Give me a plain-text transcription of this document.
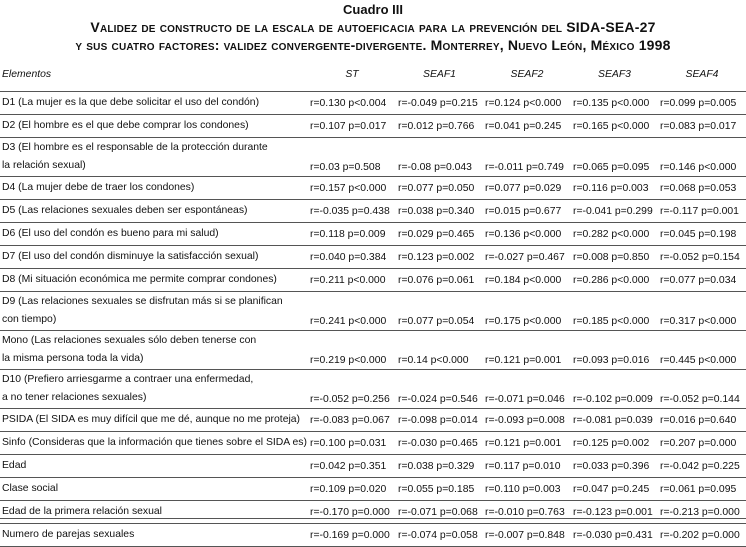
Cuadro III
Validez de constructo de la escala de autoeficacia para la prevención del SIDA-SEA-27
y sus cuatro factores: validez convergente-divergente. Monterrey, Nuevo León, México 1998
Elementos	ST	SEAF1	SEAF2	SEAF3	SEAF4

D1 (La mujer es la que debe solicitar el uso del condón)	r=0.130 p<0.004	r=-0.049 p=0.215	r=0.124 p<0.000	r=0.135 p<0.000	r=0.099 p=0.005

D2 (El hombre es el que debe comprar los condones)	r=0.107 p=0.017	r=0.012 p=0.766	r=0.041 p=0.245	r=0.165 p<0.000	r=0.083 p=0.017

D3 (El hombre es el responsable de la protección durante
la relación sexual)	r=0.03 p=0.508	r=-0.08 p=0.043	r=-0.011 p=0.749	r=0.065 p=0.095	r=0.146 p<0.000

D4 (La mujer debe de traer los condones)	r=0.157 p<0.000	r=0.077 p=0.050	r=0.077 p=0.029	r=0.116 p=0.003	r=0.068 p=0.053

D5 (Las relaciones sexuales deben ser espontáneas)	r=-0.035 p=0.438	r=0.038 p=0.340	r=0.015 p=0.677	r=-0.041 p=0.299	r=-0.117 p=0.001

D6 (El uso del condón es bueno para mi salud)	r=0.118 p=0.009	r=0.029 p=0.465	r=0.136 p<0.000	r=0.282 p<0.000	r=0.045 p=0.198

D7 (El uso del condón disminuye la satisfacción sexual)	r=0.040 p=0.384	r=0.123 p=0.002	r=-0.027 p=0.467	r=0.008 p=0.850	r=-0.052 p=0.154

D8 (Mi situación económica me permite comprar condones)	r=0.211 p<0.000	r=0.076 p=0.061	r=0.184 p<0.000	r=0.286 p<0.000	r=0.077 p=0.034

D9 (Las relaciones sexuales se disfrutan más si se planifican
con tiempo)	r=0.241 p<0.000	r=0.077 p=0.054	r=0.175 p<0.000	r=0.185 p<0.000	r=0.317 p<0.000

Mono (Las relaciones sexuales sólo deben tenerse con
la misma persona toda la vida)	r=0.219 p<0.000	r=0.14 p<0.000	r=0.121 p=0.001	r=0.093 p=0.016	r=0.445 p<0.000

D10 (Prefiero arriesgarme a contraer una enfermedad,
a no tener relaciones sexuales)	r=-0.052 p=0.256	r=-0.024 p=0.546	r=-0.071 p=0.046	r=-0.102 p=0.009	r=-0.052 p=0.144

PSIDA (El SIDA es muy difícil que me dé, aunque no me proteja)	r=-0.083 p=0.067	r=-0.098 p=0.014	r=-0.093 p=0.008	r=-0.081 p=0.039	r=0.016 p=0.640

Sinfo (Consideras que la información que tienes sobre el SIDA es)	r=0.100 p=0.031	r=-0.030 p=0.465	r=0.121 p=0.001	r=0.125 p=0.002	r=0.207 p=0.000

Edad	r=0.042 p=0.351	r=0.038 p=0.329	r=0.117 p=0.010	r=0.033 p=0.396	r=-0.042 p=0.225

Clase social	r=0.109 p=0.020	r=0.055 p=0.185	r=0.110 p=0.003	r=0.047 p=0.245	r=0.061 p=0.095

Edad de la primera relación sexual	r=-0.170 p=0.000	r=-0.071 p=0.068	r=-0.010 p=0.763	r=-0.123 p=0.001	r=-0.213 p=0.000

Numero de parejas sexuales	r=-0.169 p=0.000	r=-0.074 p=0.058	r=-0.007 p=0.848	r=-0.030 p=0.431	r=-0.202 p=0.000
